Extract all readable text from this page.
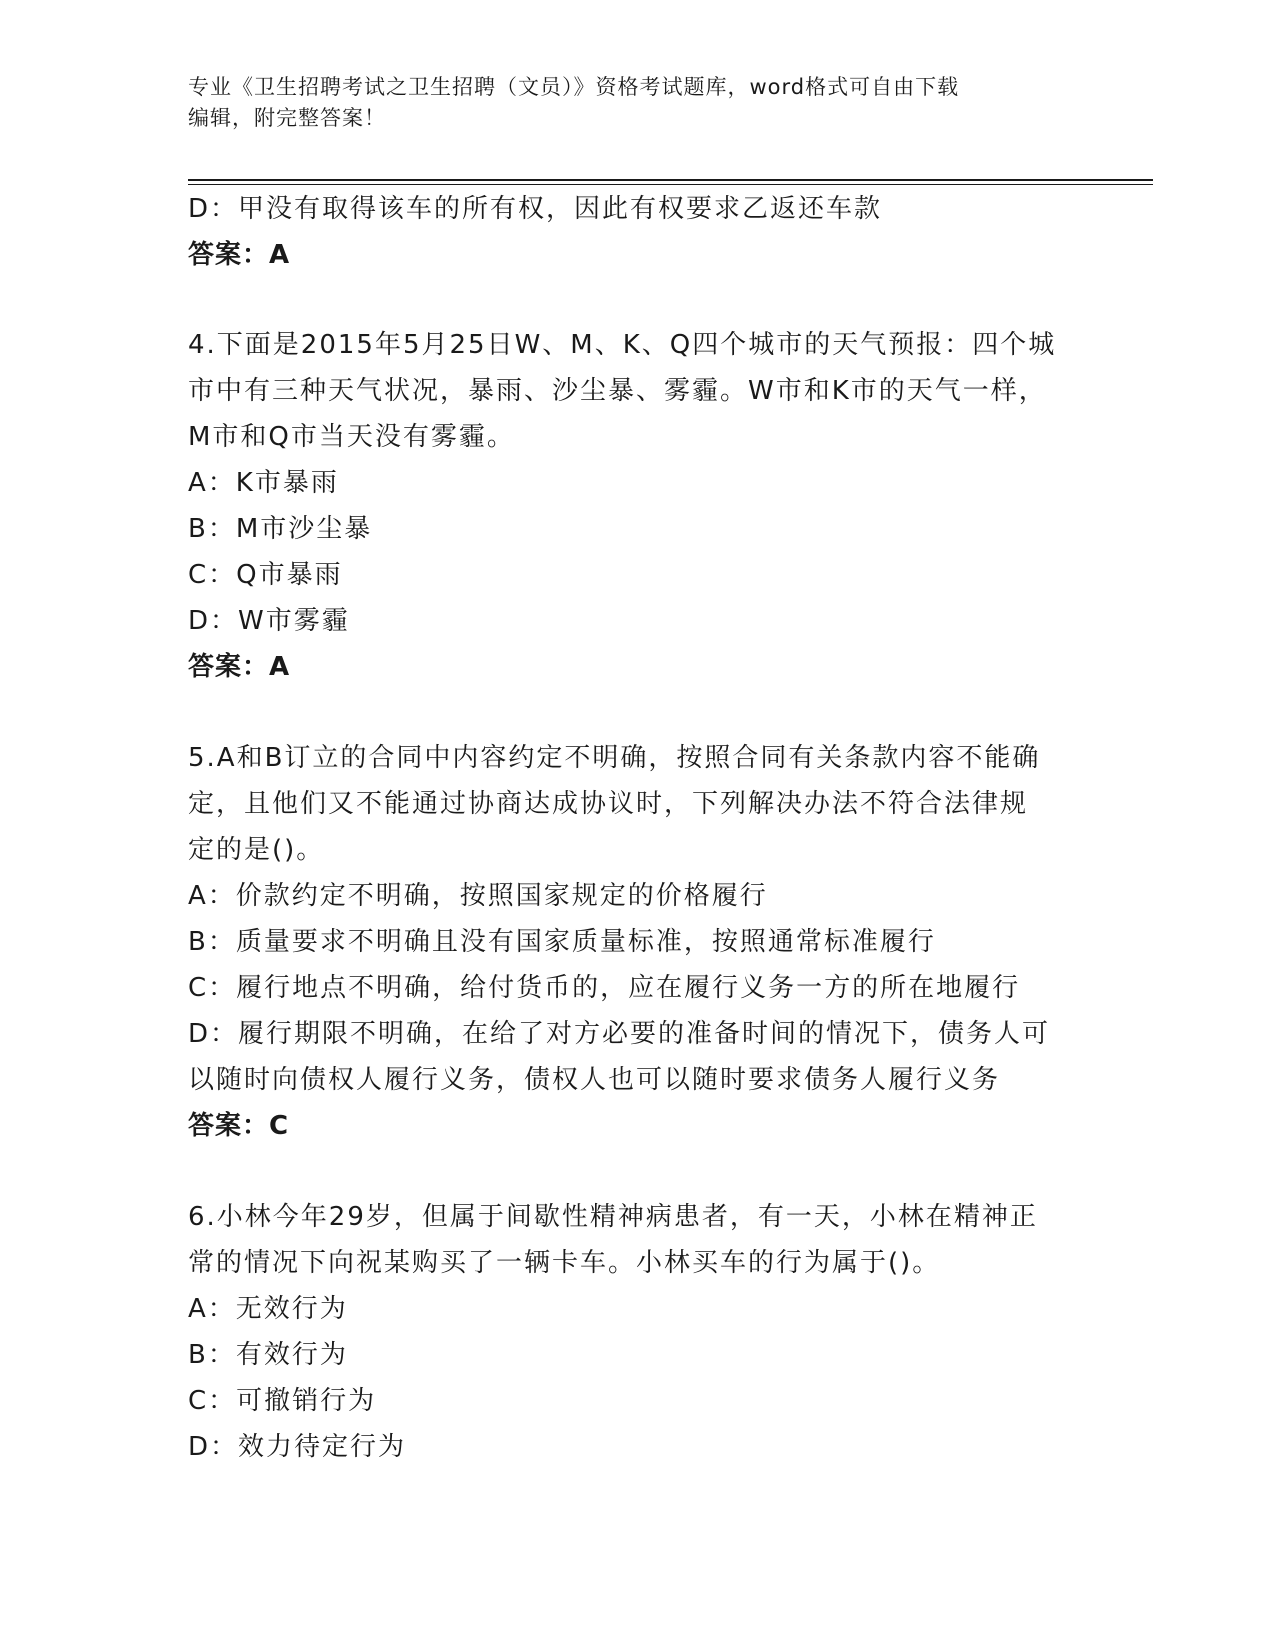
专业《卫生招聘考试之卫生招聘（文员）》资格考试题库，word格式可自由下载
编辑，附完整答案！
D：甲没有取得该车的所有权，因此有权要求乙返还车款
答案：A
4.下面是2015年5月25日W、M、K、Q四个城市的天气预报：四个城
市中有三种天气状况，暴雨、沙尘暴、雾霾。W市和K市的天气一样，
M市和Q市当天没有雾霾。
A：K市暴雨
B：M市沙尘暴
C：Q市暴雨
D：W市雾霾
答案：A
5.A和B订立的合同中内容约定不明确，按照合同有关条款内容不能确
定，且他们又不能通过协商达成协议时，下列解决办法不符合法律规
定的是()。
A：价款约定不明确，按照国家规定的价格履行
B：质量要求不明确且没有国家质量标准，按照通常标准履行
C：履行地点不明确，给付货币的，应在履行义务一方的所在地履行
D：履行期限不明确，在给了对方必要的准备时间的情况下，债务人可
以随时向债权人履行义务，债权人也可以随时要求债务人履行义务
答案：C
6.小林今年29岁，但属于间歇性精神病患者，有一天，小林在精神正
常的情况下向祝某购买了一辆卡车。小林买车的行为属于()。
A：无效行为
B：有效行为
C：可撤销行为
D：效力待定行为
